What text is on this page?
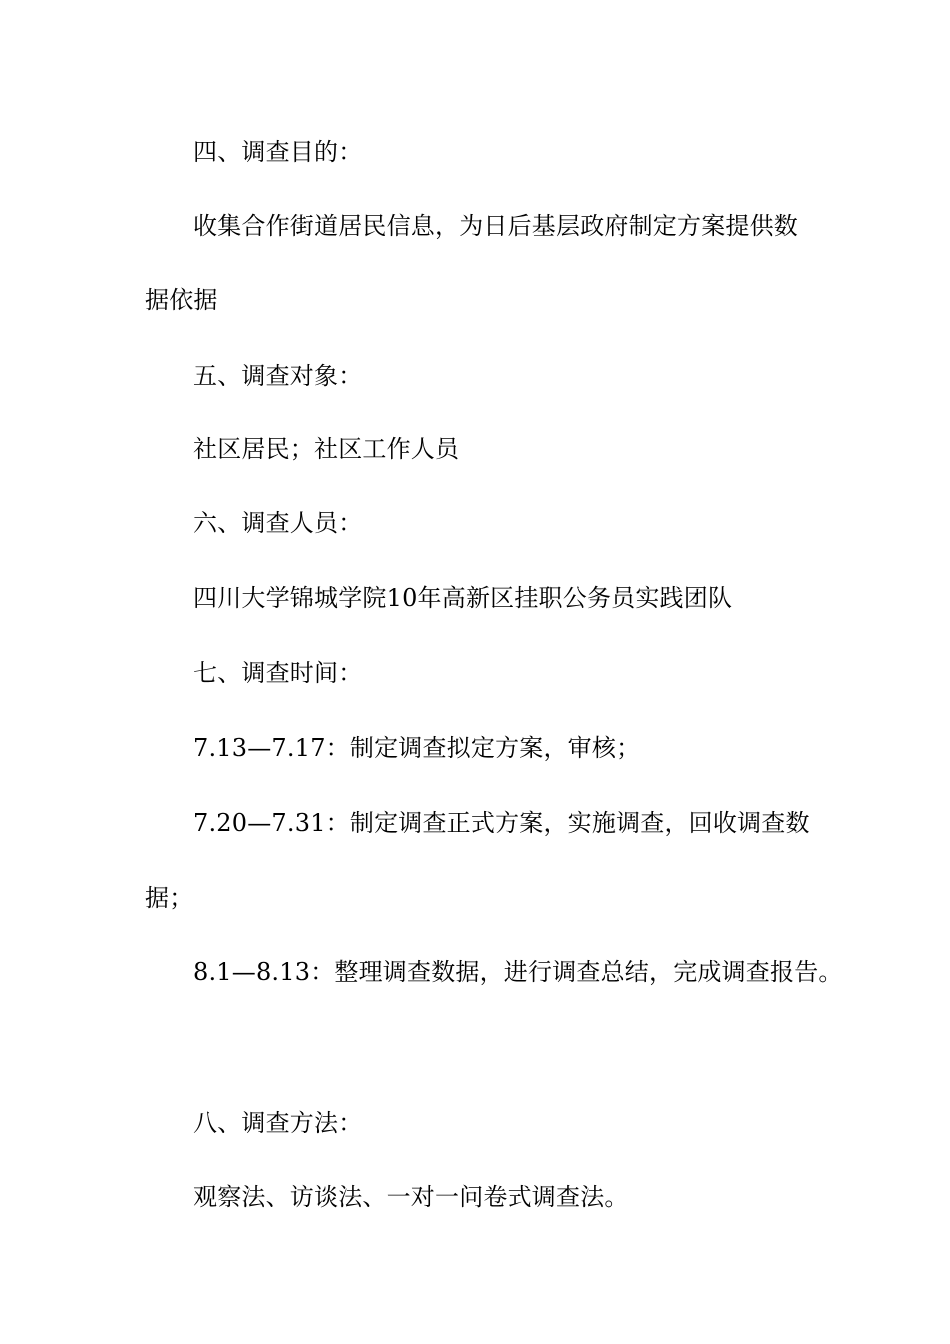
四、调查目的：
收集合作街道居民信息，为日后基层政府制定方案提供数
据依据
五、调查对象：
社区居民；社区工作人员
六、调查人员：
四川大学锦城学院10年高新区挂职公务员实践团队
七、调查时间：
7.13—7.17：制定调查拟定方案，审核；
7.20—7.31：制定调查正式方案，实施调查，回收调查数
据；
8.1—8.13：整理调查数据，进行调查总结，完成调查报告。
八、调查方法：
观察法、访谈法、一对一问卷式调查法。
